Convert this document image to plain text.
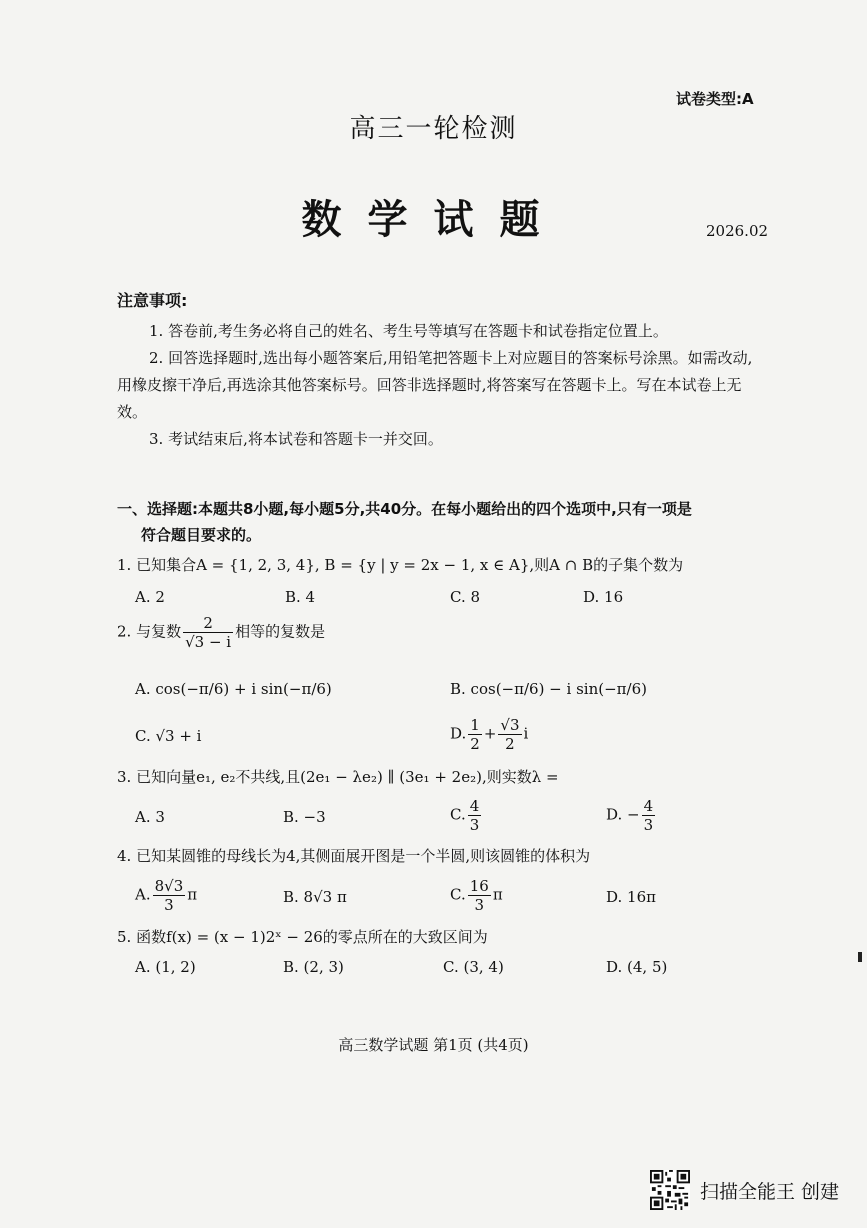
试卷类型:A
高三一轮检测
数学试题	2026.02
注意事项:

1. 答卷前,考生务必将自己的姓名、考生号等填写在答题卡和试卷指定位置上。

2. 回答选择题时,选出每小题答案后,用铅笔把答题卡上对应题目的答案标号涂黑。如需改动,用橡皮擦干净后,再选涂其他答案标号。回答非选择题时,将答案写在答题卡上。写在本试卷上无效。

3. 考试结束后,将本试卷和答题卡一并交回。

一、选择题:本题共8小题,每小题5分,共40分。在每小题给出的四个选项中,只有一项是
符合题目要求的。
1. 已知集合A = {1, 2, 3, 4}, B = {y | y = 2x − 1, x ∈ A},则A ∩ B的子集个数为
A. 2	B. 4	C. 8	D. 16
2. 与复数 $\frac{2}{√3 - i}$ 相等的复数是
A. cos(−π/6) + i sin(−π/6)	B. cos(−π/6) − i sin(−π/6)
C. √3 + i	D. $\frac{1}{2} + \frac{√3}{2}$ i
3. 已知向量e₁, e₂不共线,且(2e₁ − λe₂) ∥ (3e₁ + 2e₂),则实数λ =
A. 3	B. −3	C. $\frac{4}{3}$	D. − $\frac{4}{3}$
4. 已知某圆锥的母线长为4,其侧面展开图是一个半圆,则该圆锥的体积为
A. $\frac{8√3}{3}$ π	B. 8√3 π	C. $\frac{16}{3}$ π	D. 16π
5. 函数f(x) = (x − 1)2ˣ − 26的零点所在的大致区间为
A. (1, 2)	B. (2, 3)	C. (3, 4)	D. (4, 5)
高三数学试题 第1页 (共4页)
扫描全能王 创建
